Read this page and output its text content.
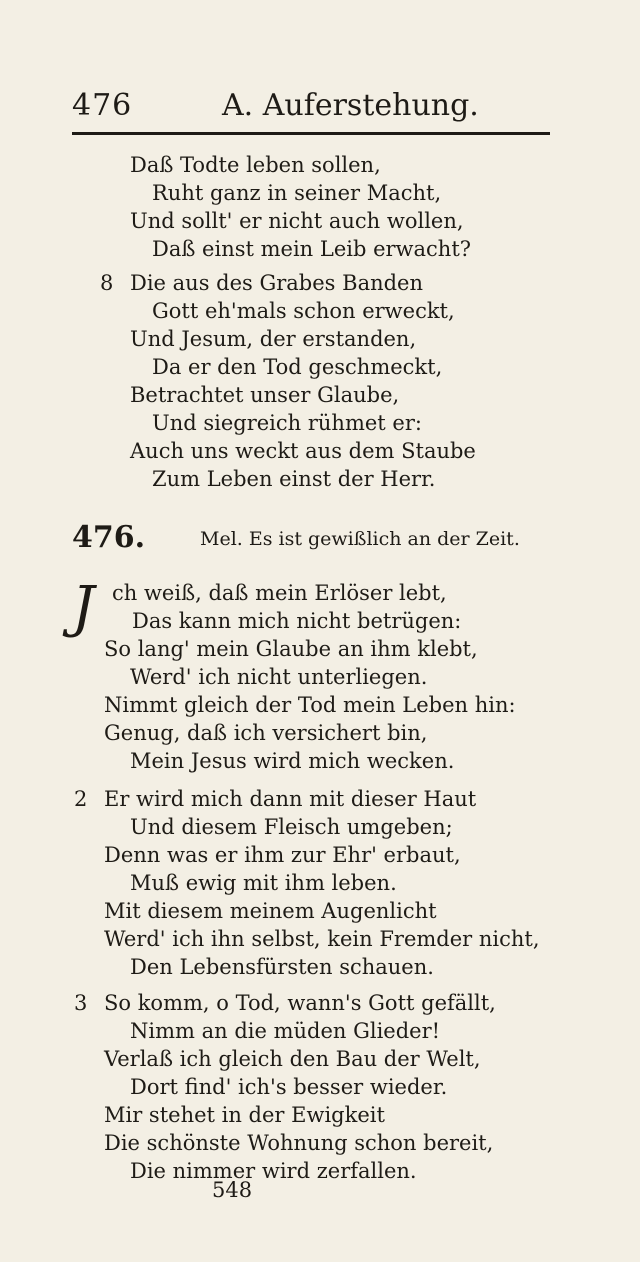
476	A. Auferstehung.
Daß Todte leben sollen,
Ruht ganz in seiner Macht,
Und sollt' er nicht auch wollen,
Daß einst mein Leib erwacht?
8 Die aus des Grabes Banden
Gott eh'mals schon erweckt,
Und Jesum, der erstanden,
Da er den Tod geschmeckt,
Betrachtet unser Glaube,
Und siegreich rühmet er:
Auch uns weckt aus dem Staube
Zum Leben einst der Herr.
476.	Mel. Es ist gewißlich an der Zeit.
J ch weiß, daß mein Erlöser lebt,
Das kann mich nicht betrügen:
So lang' mein Glaube an ihm klebt,
Werd' ich nicht unterliegen.
Nimmt gleich der Tod mein Leben hin:
Genug, daß ich versichert bin,
Mein Jesus wird mich wecken.
2 Er wird mich dann mit dieser Haut
Und diesem Fleisch umgeben;
Denn was er ihm zur Ehr' erbaut,
Muß ewig mit ihm leben.
Mit diesem meinem Augenlicht
Werd' ich ihn selbst, kein Fremder nicht,
Den Lebensfürsten schauen.
3 So komm, o Tod, wann's Gott gefällt,
Nimm an die müden Glieder!
Verlaß ich gleich den Bau der Welt,
Dort find' ich's besser wieder.
Mir stehet in der Ewigkeit
Die schönste Wohnung schon bereit,
Die nimmer wird zerfallen.
548
